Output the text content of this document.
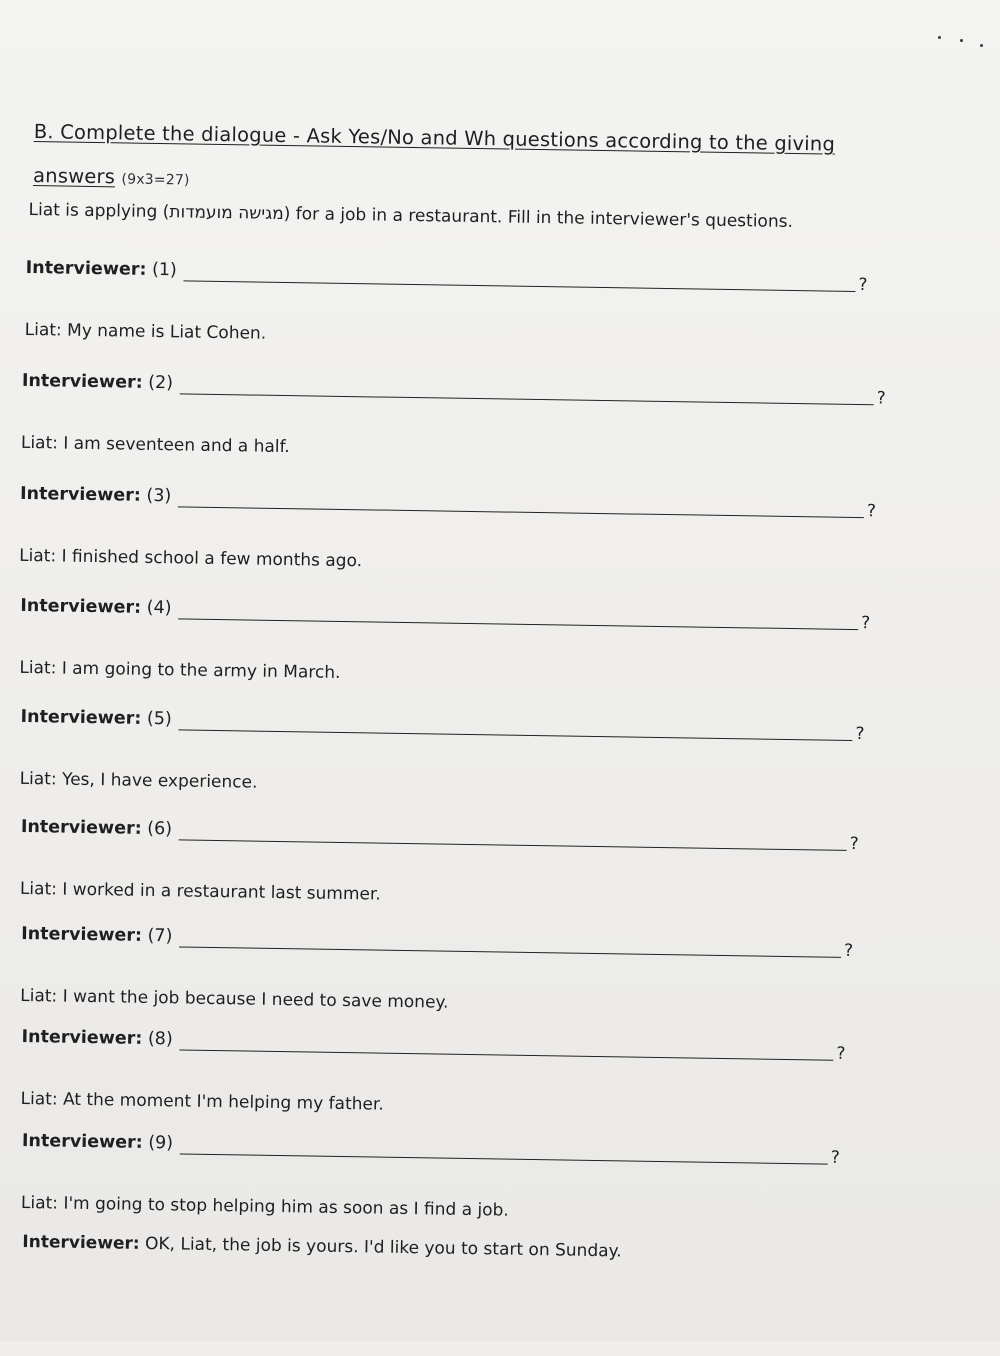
B. Complete the dialogue - Ask Yes/No and Wh questions according to the giving
answers (9x3=27)
Liat is applying (מגישה מועמדות) for a job in a restaurant. Fill in the interviewer's questions.
Interviewer: (1)
?
Liat: My name is Liat Cohen.
Interviewer: (2)
?
Liat: I am seventeen and a half.
Interviewer: (3)
?
Liat: I finished school a few months ago.
Interviewer: (4)
?
Liat: I am going to the army in March.
Interviewer: (5)
?
Liat: Yes, I have experience.
Interviewer: (6)
?
Liat: I worked in a restaurant last summer.
Interviewer: (7)
?
Liat: I want the job because I need to save money.
Interviewer: (8)
?
Liat: At the moment I'm helping my father.
Interviewer: (9)
?
Liat: I'm going to stop helping him as soon as I find a job.
Interviewer: OK, Liat, the job is yours. I'd like you to start on Sunday.
